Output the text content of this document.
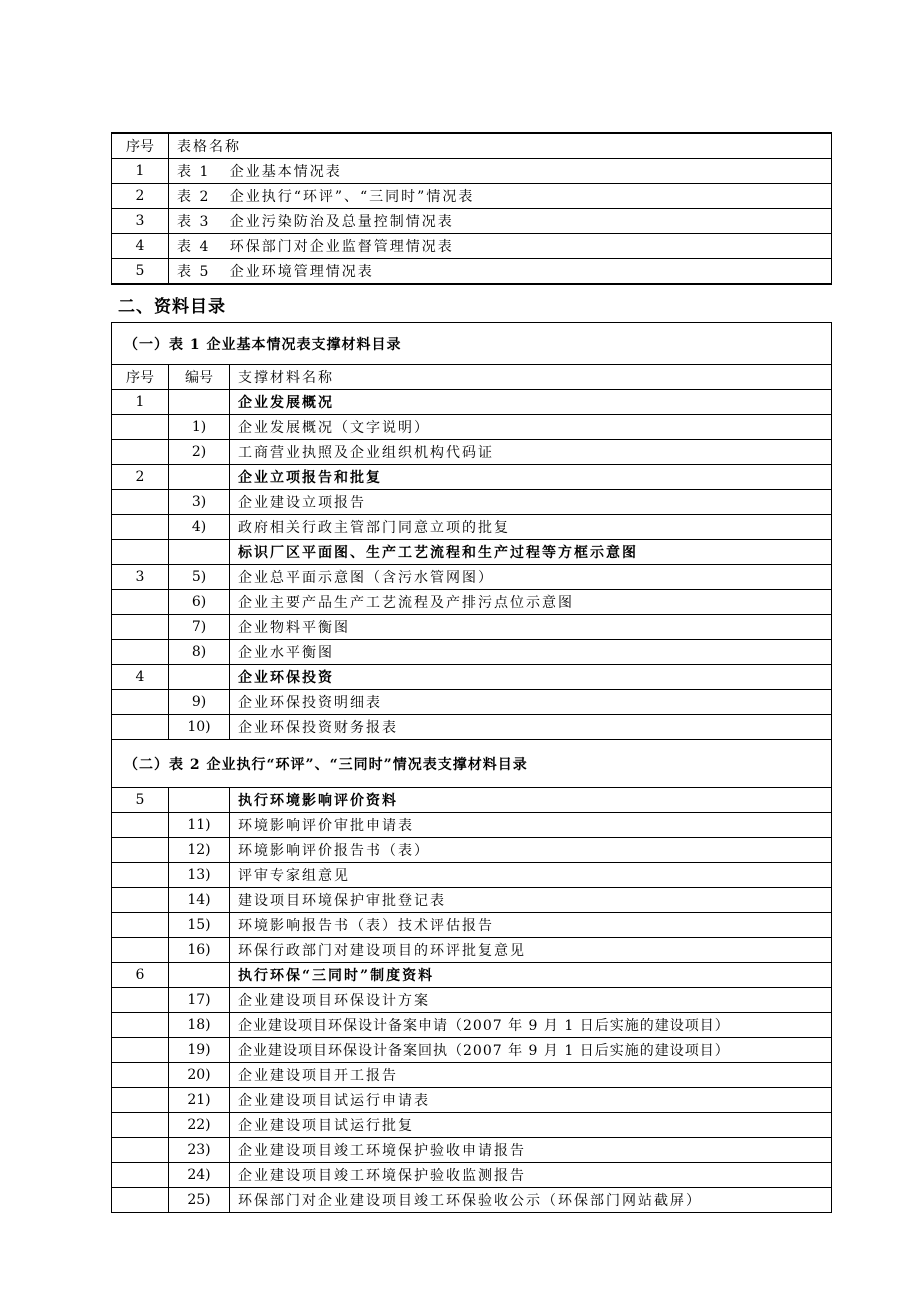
序号	表格名称
1	表 1   企业基本情况表
2	表 2   企业执行“环评”、“三同时”情况表
3	表 3   企业污染防治及总量控制情况表
4	表 4   环保部门对企业监督管理情况表
5	表 5   企业环境管理情况表
二、资料目录
（一）表 1 企业基本情况表支撑材料目录		
序号	编号	支撑材料名称
1		企业发展概况
	1)	企业发展概况（文字说明）
	2)	工商营业执照及企业组织机构代码证
2		企业立项报告和批复
	3)	企业建设立项报告
	4)	政府相关行政主管部门同意立项的批复
		标识厂区平面图、生产工艺流程和生产过程等方框示意图
3	5)	企业总平面示意图（含污水管网图）
	6)	企业主要产品生产工艺流程及产排污点位示意图
	7)	企业物料平衡图
	8)	企业水平衡图
4		企业环保投资
	9)	企业环保投资明细表
	10)	企业环保投资财务报表
（二）表 2 企业执行“环评”、“三同时”情况表支撑材料目录		
5		执行环境影响评价资料
	11)	环境影响评价审批申请表
	12)	环境影响评价报告书（表）
	13)	评审专家组意见
	14)	建设项目环境保护审批登记表
	15)	环境影响报告书（表）技术评估报告
	16)	环保行政部门对建设项目的环评批复意见
6		执行环保“三同时”制度资料
	17)	企业建设项目环保设计方案
	18)	企业建设项目环保设计备案申请（2007 年 9 月 1 日后实施的建设项目）
	19)	企业建设项目环保设计备案回执（2007 年 9 月 1 日后实施的建设项目）
	20)	企业建设项目开工报告
	21)	企业建设项目试运行申请表
	22)	企业建设项目试运行批复
	23)	企业建设项目竣工环境保护验收申请报告
	24)	企业建设项目竣工环境保护验收监测报告
	25)	环保部门对企业建设项目竣工环保验收公示（环保部门网站截屏）
